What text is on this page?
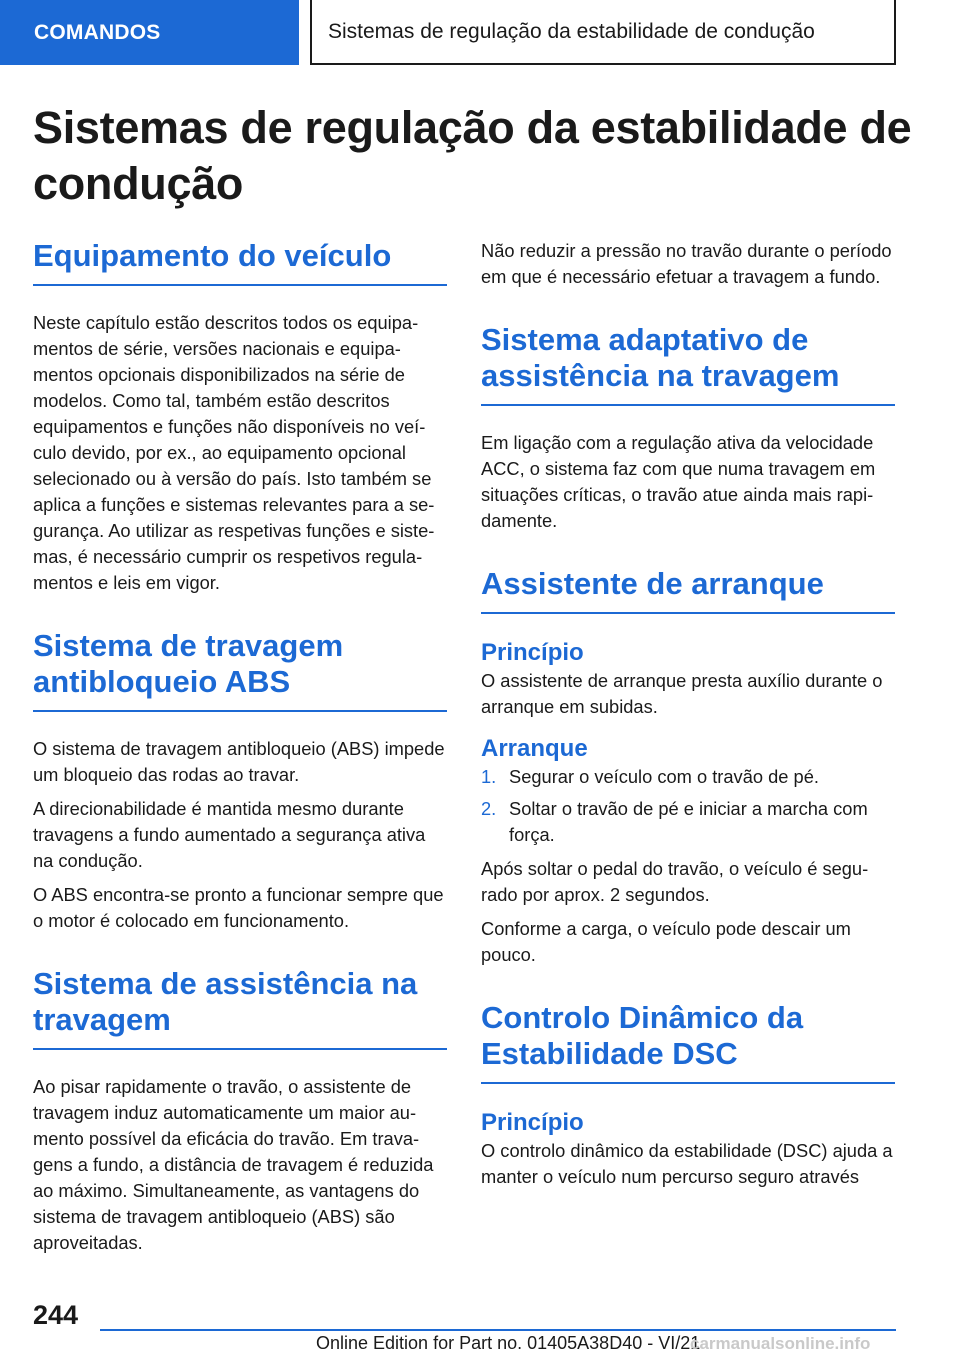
COMANDOS	Sistemas de regulação da estabilidade de condução
Sistemas de regulação da estabilidade de condução
Equipamento do veículo

Neste capítulo estão descritos todos os equipamentos de série, versões nacionais e equipamentos opcionais disponibilizados na série de modelos. Como tal, também estão descritos equipamentos e funções não disponíveis no veículo devido, por ex., ao equipamento opcional selecionado ou à versão do país. Isto também se aplica a funções e sistemas relevantes para a segurança. Ao utilizar as respetivas funções e sistemas, é necessário cumprir os respetivos regulamentos e leis em vigor.

Sistema de travagem antibloqueio ABS

O sistema de travagem antibloqueio (ABS) impede um bloqueio das rodas ao travar.

A direcionabilidade é mantida mesmo durante travagens a fundo aumentado a segurança ativa na condução.

O ABS encontra-se pronto a funcionar sempre que o motor é colocado em funcionamento.

Sistema de assistência na travagem

Ao pisar rapidamente o travão, o assistente de travagem induz automaticamente um maior aumento possível da eficácia do travão. Em travagens a fundo, a distância de travagem é reduzida ao máximo. Simultaneamente, as vantagens do sistema de travagem antibloqueio (ABS) são aproveitadas.

Não reduzir a pressão no travão durante o período em que é necessário efetuar a travagem a fundo.

Sistema adaptativo de assistência na travagem

Em ligação com a regulação ativa da velocidade ACC, o sistema faz com que numa travagem em situações críticas, o travão atue ainda mais rapidamente.

Assistente de arranque
Princípio

O assistente de arranque presta auxílio durante o arranque em subidas.

Arranque
1. Segurar o veículo com o travão de pé.
2. Soltar o travão de pé e iniciar a marcha com força.

Após soltar o pedal do travão, o veículo é segurado por aprox. 2 segundos.

Conforme a carga, o veículo pode descair um pouco.

Controlo Dinâmico da Estabilidade DSC
Princípio

O controlo dinâmico da estabilidade (DSC) ajuda a manter o veículo num percurso seguro através

244
Online Edition for Part no. 01405A38D40 - VI/21
carmanualsonline.info
